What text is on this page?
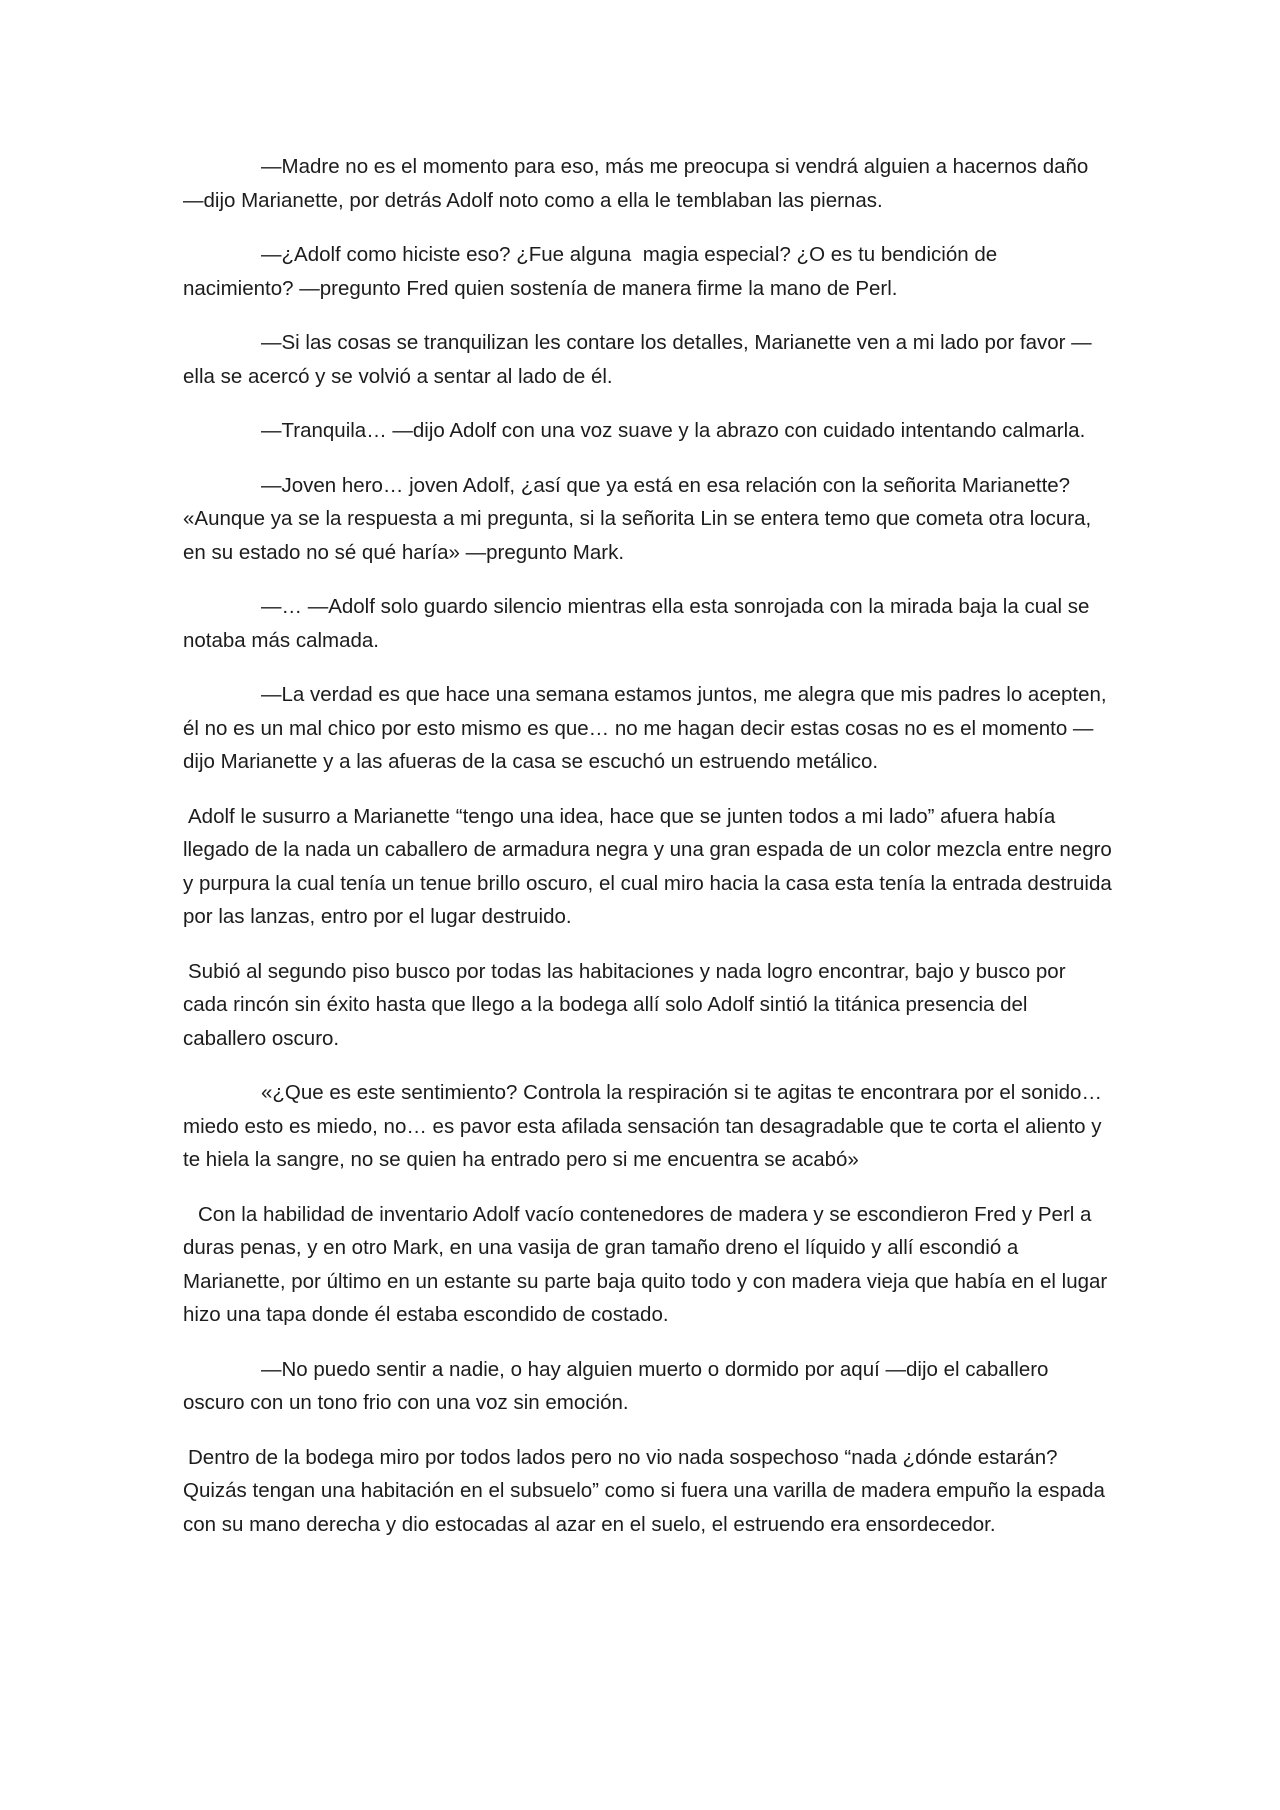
—Madre no es el momento para eso, más me preocupa si vendrá alguien a hacernos daño —dijo Marianette, por detrás Adolf noto como a ella le temblaban las piernas.

—¿Adolf como hiciste eso? ¿Fue alguna  magia especial? ¿O es tu bendición de nacimiento? —pregunto Fred quien sostenía de manera firme la mano de Perl.

—Si las cosas se tranquilizan les contare los detalles, Marianette ven a mi lado por favor —ella se acercó y se volvió a sentar al lado de él.

—Tranquila… —dijo Adolf con una voz suave y la abrazo con cuidado intentando calmarla.

—Joven hero… joven Adolf, ¿así que ya está en esa relación con la señorita Marianette? «Aunque ya se la respuesta a mi pregunta, si la señorita Lin se entera temo que cometa otra locura, en su estado no sé qué haría» —pregunto Mark.

—… —Adolf solo guardo silencio mientras ella esta sonrojada con la mirada baja la cual se notaba más calmada.

—La verdad es que hace una semana estamos juntos, me alegra que mis padres lo acepten, él no es un mal chico por esto mismo es que… no me hagan decir estas cosas no es el momento —dijo Marianette y a las afueras de la casa se escuchó un estruendo metálico.

Adolf le susurro a Marianette “tengo una idea, hace que se junten todos a mi lado” afuera había llegado de la nada un caballero de armadura negra y una gran espada de un color mezcla entre negro y purpura la cual tenía un tenue brillo oscuro, el cual miro hacia la casa esta tenía la entrada destruida por las lanzas, entro por el lugar destruido.

Subió al segundo piso busco por todas las habitaciones y nada logro encontrar, bajo y busco por cada rincón sin éxito hasta que llego a la bodega allí solo Adolf sintió la titánica presencia del caballero oscuro.

«¿Que es este sentimiento? Controla la respiración si te agitas te encontrara por el sonido… miedo esto es miedo, no… es pavor esta afilada sensación tan desagradable que te corta el aliento y te hiela la sangre, no se quien ha entrado pero si me encuentra se acabó»

Con la habilidad de inventario Adolf vacío contenedores de madera y se escondieron Fred y Perl a duras penas, y en otro Mark, en una vasija de gran tamaño dreno el líquido y allí escondió a Marianette, por último en un estante su parte baja quito todo y con madera vieja que había en el lugar hizo una tapa donde él estaba escondido de costado.

—No puedo sentir a nadie, o hay alguien muerto o dormido por aquí —dijo el caballero oscuro con un tono frio con una voz sin emoción.

Dentro de la bodega miro por todos lados pero no vio nada sospechoso “nada ¿dónde estarán? Quizás tengan una habitación en el subsuelo” como si fuera una varilla de madera empuño la espada con su mano derecha y dio estocadas al azar en el suelo, el estruendo era ensordecedor.
